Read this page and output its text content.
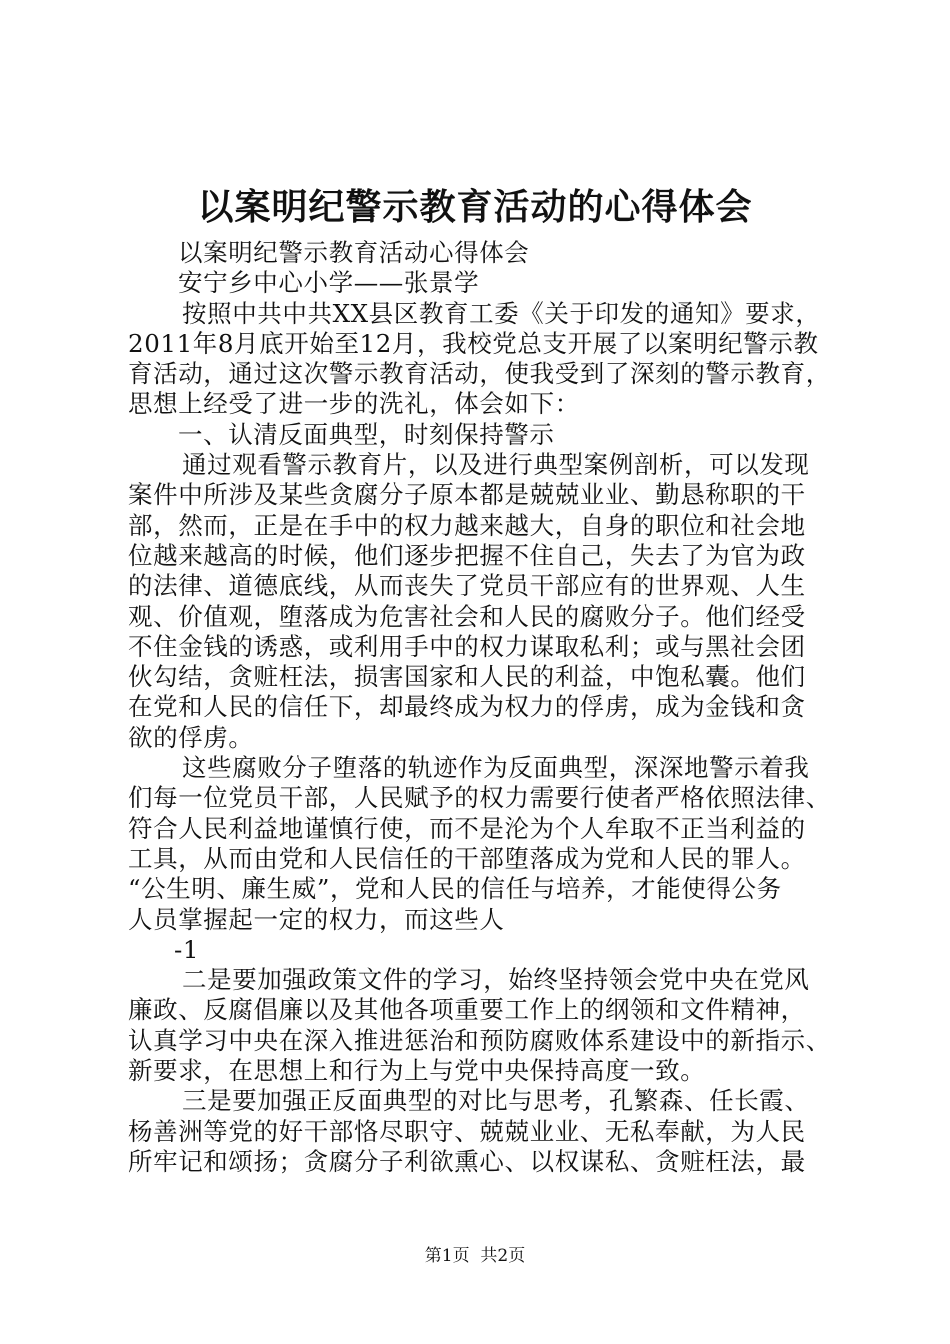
以案明纪警示教育活动的心得体会
以案明纪警示教育活动心得体会
安宁乡中心小学——张景学
按照中共中共XX县区教育工委《关于印发的通知》要求，
2011年8月底开始至12月，我校党总支开展了以案明纪警示教
育活动，通过这次警示教育活动，使我受到了深刻的警示教育，
思想上经受了进一步的洗礼，体会如下：
一、认清反面典型，时刻保持警示
通过观看警示教育片，以及进行典型案例剖析，可以发现
案件中所涉及某些贪腐分子原本都是兢兢业业、勤恳称职的干
部，然而，正是在手中的权力越来越大，自身的职位和社会地
位越来越高的时候，他们逐步把握不住自己，失去了为官为政
的法律、道德底线，从而丧失了党员干部应有的世界观、人生
观、价值观，堕落成为危害社会和人民的腐败分子。他们经受
不住金钱的诱惑，或利用手中的权力谋取私利；或与黑社会团
伙勾结，贪赃枉法，损害国家和人民的利益，中饱私囊。他们
在党和人民的信任下，却最终成为权力的俘虏，成为金钱和贪
欲的俘虏。
这些腐败分子堕落的轨迹作为反面典型，深深地警示着我
们每一位党员干部，人民赋予的权力需要行使者严格依照法律、
符合人民利益地谨慎行使，而不是沦为个人牟取不正当利益的
工具，从而由党和人民信任的干部堕落成为党和人民的罪人。
“公生明、廉生威”，党和人民的信任与培养，才能使得公务
人员掌握起一定的权力，而这些人
-1
二是要加强政策文件的学习，始终坚持领会党中央在党风
廉政、反腐倡廉以及其他各项重要工作上的纲领和文件精神，
认真学习中央在深入推进惩治和预防腐败体系建设中的新指示、
新要求，在思想上和行为上与党中央保持高度一致。
三是要加强正反面典型的对比与思考，孔繁森、任长霞、
杨善洲等党的好干部恪尽职守、兢兢业业、无私奉献，为人民
所牢记和颂扬；贪腐分子利欲熏心、以权谋私、贪赃枉法，最
第1页  共2页
